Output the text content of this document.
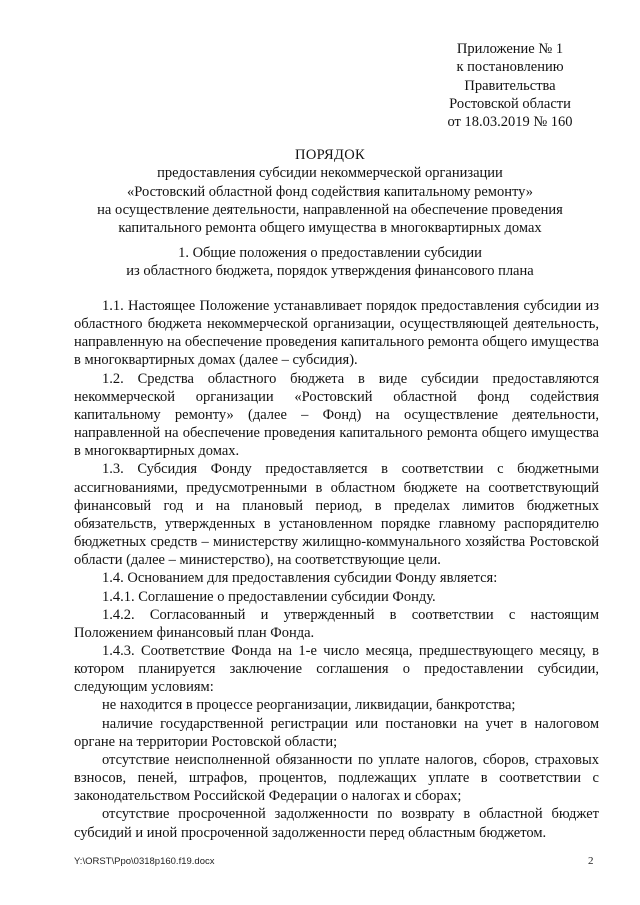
Приложение № 1
к постановлению
Правительства
Ростовской области
от 18.03.2019 № 160
ПОРЯДОК
предоставления субсидии некоммерческой организации
«Ростовский областной фонд содействия капитальному ремонту»
на осуществление деятельности, направленной на обеспечение проведения
капитального ремонта общего имущества в многоквартирных домах
1. Общие положения о предоставлении субсидии
из областного бюджета, порядок утверждения финансового плана

1.1. Настоящее Положение устанавливает порядок предоставления субсидии из областного бюджета некоммерческой организации, осуществляющей деятельность, направленную на обеспечение проведения капитального ремонта общего имущества в многоквартирных домах (далее – субсидия).

1.2. Средства областного бюджета в виде субсидии предоставляются некоммерческой организации «Ростовский областной фонд содействия капитальному ремонту» (далее – Фонд) на осуществление деятельности, направленной на обеспечение проведения капитального ремонта общего имущества в многоквартирных домах.

1.3. Субсидия Фонду предоставляется в соответствии с бюджетными ассигнованиями, предусмотренными в областном бюджете на соответствующий финансовый год и на плановый период, в пределах лимитов бюджетных обязательств, утвержденных в установленном порядке главному распорядителю бюджетных средств – министерству жилищно-коммунального хозяйства Ростовской области (далее – министерство), на соответствующие цели.

1.4. Основанием для предоставления субсидии Фонду является:

1.4.1. Соглашение о предоставлении субсидии Фонду.

1.4.2. Согласованный и утвержденный в соответствии с настоящим Положением финансовый план Фонда.

1.4.3. Соответствие Фонда на 1-е число месяца, предшествующего месяцу, в котором планируется заключение соглашения о предоставлении субсидии, следующим условиям:

не находится в процессе реорганизации, ликвидации, банкротства;

наличие государственной регистрации или постановки на учет в налоговом органе на территории Ростовской области;

отсутствие неисполненной обязанности по уплате налогов, сборов, страховых взносов, пеней, штрафов, процентов, подлежащих уплате в соответствии с законодательством Российской Федерации о налогах и сборах;

отсутствие просроченной задолженности по возврату в областной бюджет субсидий и иной просроченной задолженности перед областным бюджетом.

Y:\ORST\Ppo\0318p160.f19.docx	2
